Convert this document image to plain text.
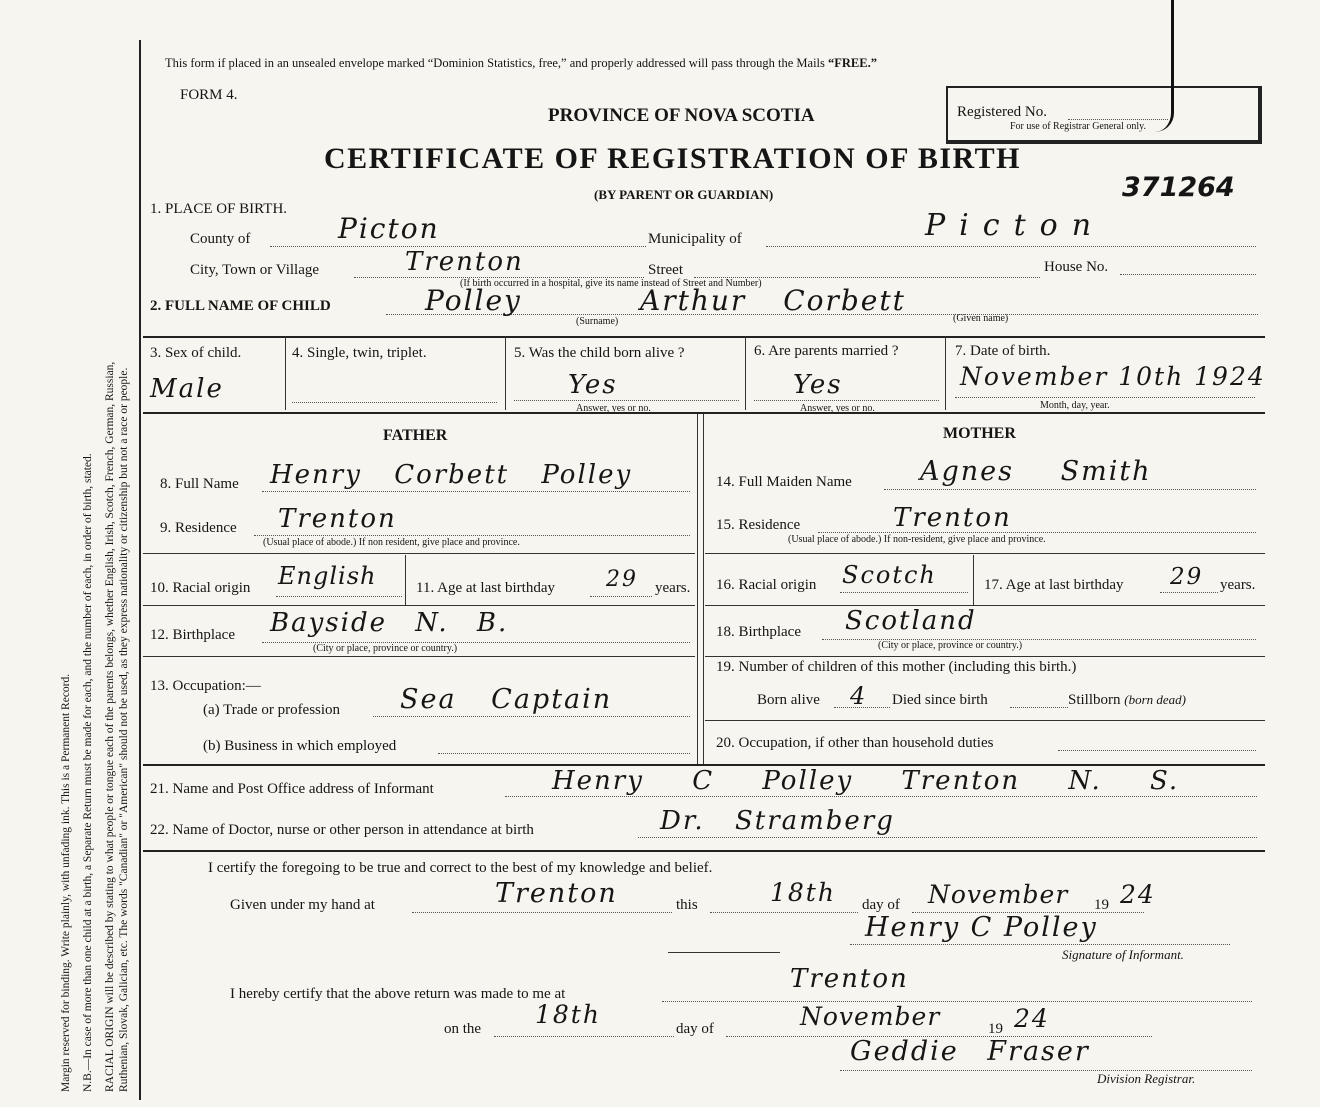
Margin reserved for binding. Write plainly, with unfading ink. This is a Permanent Record. N.B.—In case of more than one child at a birth, a Separate Return must be made for each, and the number of each, in order of birth, stated. RACIAL ORIGIN will be described by stating to what people or tongue each of the parents belongs, whether English, Irish, Scotch, French, German, Russian, Ruthenian, Slovak, Galician, etc. The words "Canadian" or "American" should not be used, as they express nationality or citizenship but not a race or people.
This form if placed in an unsealed envelope marked “Dominion Statistics, free,” and properly addressed will pass through the Mails “FREE.”
FORM 4.
PROVINCE OF NOVA SCOTIA
CERTIFICATE OF REGISTRATION OF BIRTH
(BY PARENT OR GUARDIAN)
Registered No.
For use of Registrar General only.
371264
1. PLACE OF BIRTH.
County of	Picton	Municipality of	Picton
City, Town or Village	Trenton	Street	House No.
(If birth occurred in a hospital, give its name instead of Street and Number)
2. FULL NAME OF CHILD	Polley	Arthur Corbett
(Surname)	(Given name)
3. Sex of child.
Male
4. Single, twin, triplet.	5. Was the child born alive ?
Yes
Answer, yes or no.
6. Are parents married ?
Yes
Answer, yes or no.
7. Date of birth.
November 10th 1924
Month, day, year.
FATHER
8. Full Name Henry Corbett Polley
9. Residence Trenton
(Usual place of abode.) If non resident, give place and province.
10. Racial origin English	11. Age at last birthday 29 years.
12. Birthplace Bayside N. B.
(City or place, province or country.)
13. Occupation:—
(a) Trade or profession Sea Captain
(b) Business in which employed
MOTHER
14. Full Maiden Name	Agnes Smith
15. Residence	Trenton
(Usual place of abode.) If non-resident, give place and province.
16. Racial origin Scotch	17. Age at last birthday 29 years.
18. Birthplace Scotland
(City or place, province or country.)
19. Number of children of this mother (including this birth.)
Born alive 4 Died since birth	Stillborn (born dead)
20. Occupation, if other than household duties
21. Name and Post Office address of Informant	Henry C Polley Trenton N. S.
22. Name of Doctor, nurse or other person in attendance at birth	Dr. Stramberg
I certify the foregoing to be true and correct to the best of my knowledge and belief.
Given under my hand at	Trenton	this	18th day of November 19 24
Henry C Polley
Signature of Informant.
I hereby certify that the above return was made to me at	Trenton
on the 18th	day of	November	19 24
Geddie Fraser
Division Registrar.
